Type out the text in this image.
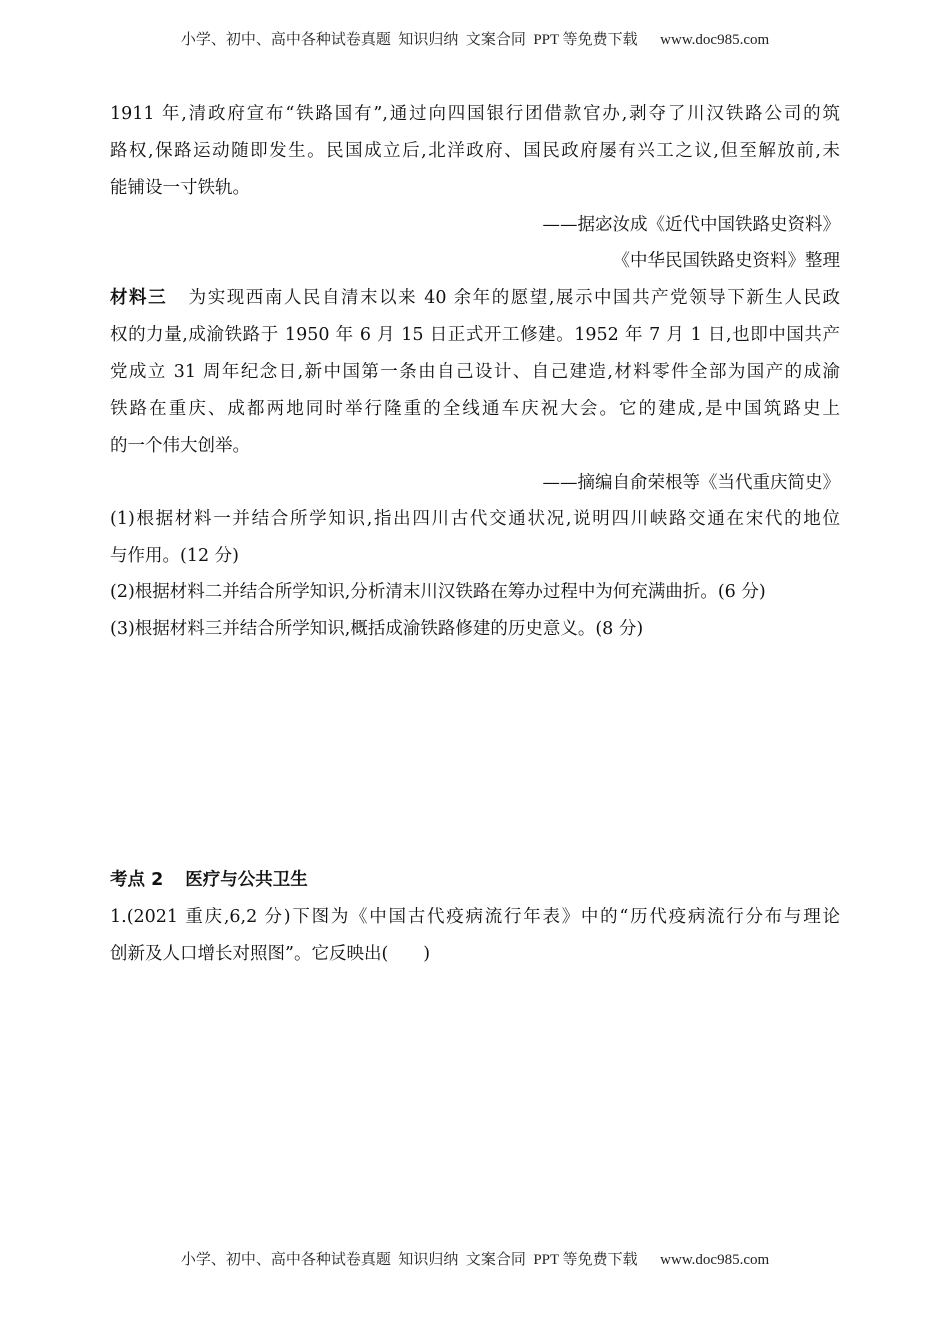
小学、初中、高中各种试卷真题  知识归纳  文案合同  PPT 等免费下载      www.doc985.com
1911 年,清政府宣布“铁路国有”,通过向四国银行团借款官办,剥夺了川汉铁路公司的筑
路权,保路运动随即发生。民国成立后,北洋政府、国民政府屡有兴工之议,但至解放前,未
能铺设一寸铁轨。
——据宓汝成《近代中国铁路史资料》
《中华民国铁路史资料》整理
材料三 为实现西南人民自清末以来 40 余年的愿望,展示中国共产党领导下新生人民政
权的力量,成渝铁路于 1950 年 6 月 15 日正式开工修建。1952 年 7 月 1 日,也即中国共产
党成立 31 周年纪念日,新中国第一条由自己设计、自己建造,材料零件全部为国产的成渝
铁路在重庆、成都两地同时举行隆重的全线通车庆祝大会。它的建成,是中国筑路史上
的一个伟大创举。
——摘编自俞荣根等《当代重庆简史》
(1)根据材料一并结合所学知识,指出四川古代交通状况,说明四川峡路交通在宋代的地位
与作用。(12 分)
(2)根据材料二并结合所学知识,分析清末川汉铁路在筹办过程中为何充满曲折。(6 分)
(3)根据材料三并结合所学知识,概括成渝铁路修建的历史意义。(8 分)
考点 2 医疗与公共卫生
1.(2021 重庆,6,2 分)下图为《中国古代疫病流行年表》中的“历代疫病流行分布与理论
创新及人口增长对照图”。它反映出(　　)
小学、初中、高中各种试卷真题  知识归纳  文案合同  PPT 等免费下载      www.doc985.com
